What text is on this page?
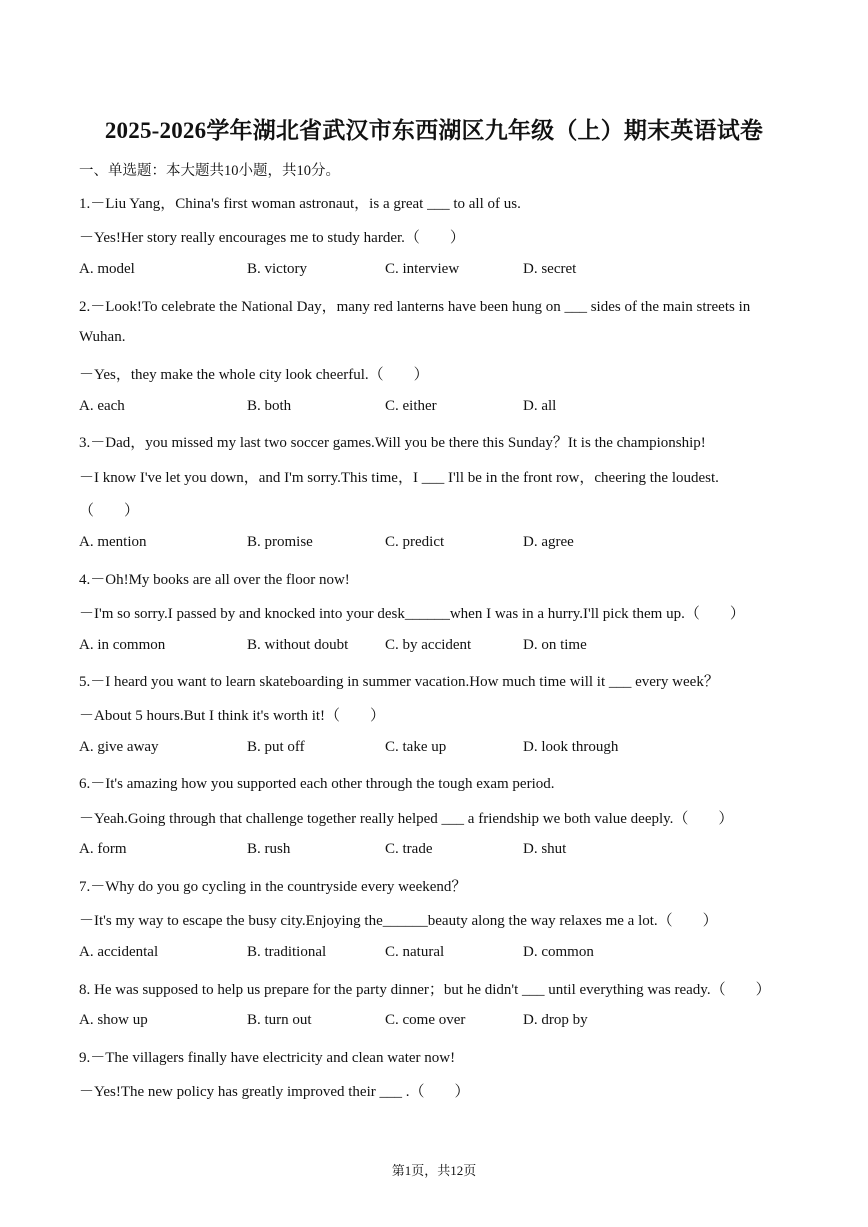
2025-2026学年湖北省武汉市东西湖区九年级（上）期末英语试卷
一、单选题：本大题共10小题，共10分。
1.－Liu Yang，China's first woman astronaut，is a great ___ to all of us.
－Yes!Her story really encourages me to study harder.（　　）
A. model	B. victory	C. interview	D. secret
2.－Look!To celebrate the National Day，many red lanterns have been hung on ___ sides of the main streets in
Wuhan.
－Yes，they make the whole city look cheerful.（　　）
A. each	B. both	C. either	D. all
3.－Dad，you missed my last two soccer games.Will you be there this Sunday？It is the championship!
－I know I've let you down，and I'm sorry.This time，I ___ I'll be in the front row，cheering the loudest.
（　　）
A. mention	B. promise	C. predict	D. agree
4.－Oh!My books are all over the floor now!
－I'm so sorry.I passed by and knocked into your desk______when I was in a hurry.I'll pick them up.（　　）
A. in common	B. without doubt C. by accident	D. on time
5.－I heard you want to learn skateboarding in summer vacation.How much time will it ___ every week？
－About 5 hours.But I think it's worth it!（　　）
A. give away	B. put off	C. take up	D. look through
6.－It's amazing how you supported each other through the tough exam period.
－Yeah.Going through that challenge together really helped ___ a friendship we both value deeply.（　　）
A. form	B. rush	C. trade	D. shut
7.－Why do you go cycling in the countryside every weekend？
－It's my way to escape the busy city.Enjoying the______beauty along the way relaxes me a lot.（　　）
A. accidental	B. traditional	C. natural	D. common
8. He was supposed to help us prepare for the party dinner；but he didn't ___ until everything was ready.（　　）
A. show up	B. turn out	C. come over	D. drop by
9.－The villagers finally have electricity and clean water now!
－Yes!The new policy has greatly improved their ___ .（　　）
第1页，共12页
